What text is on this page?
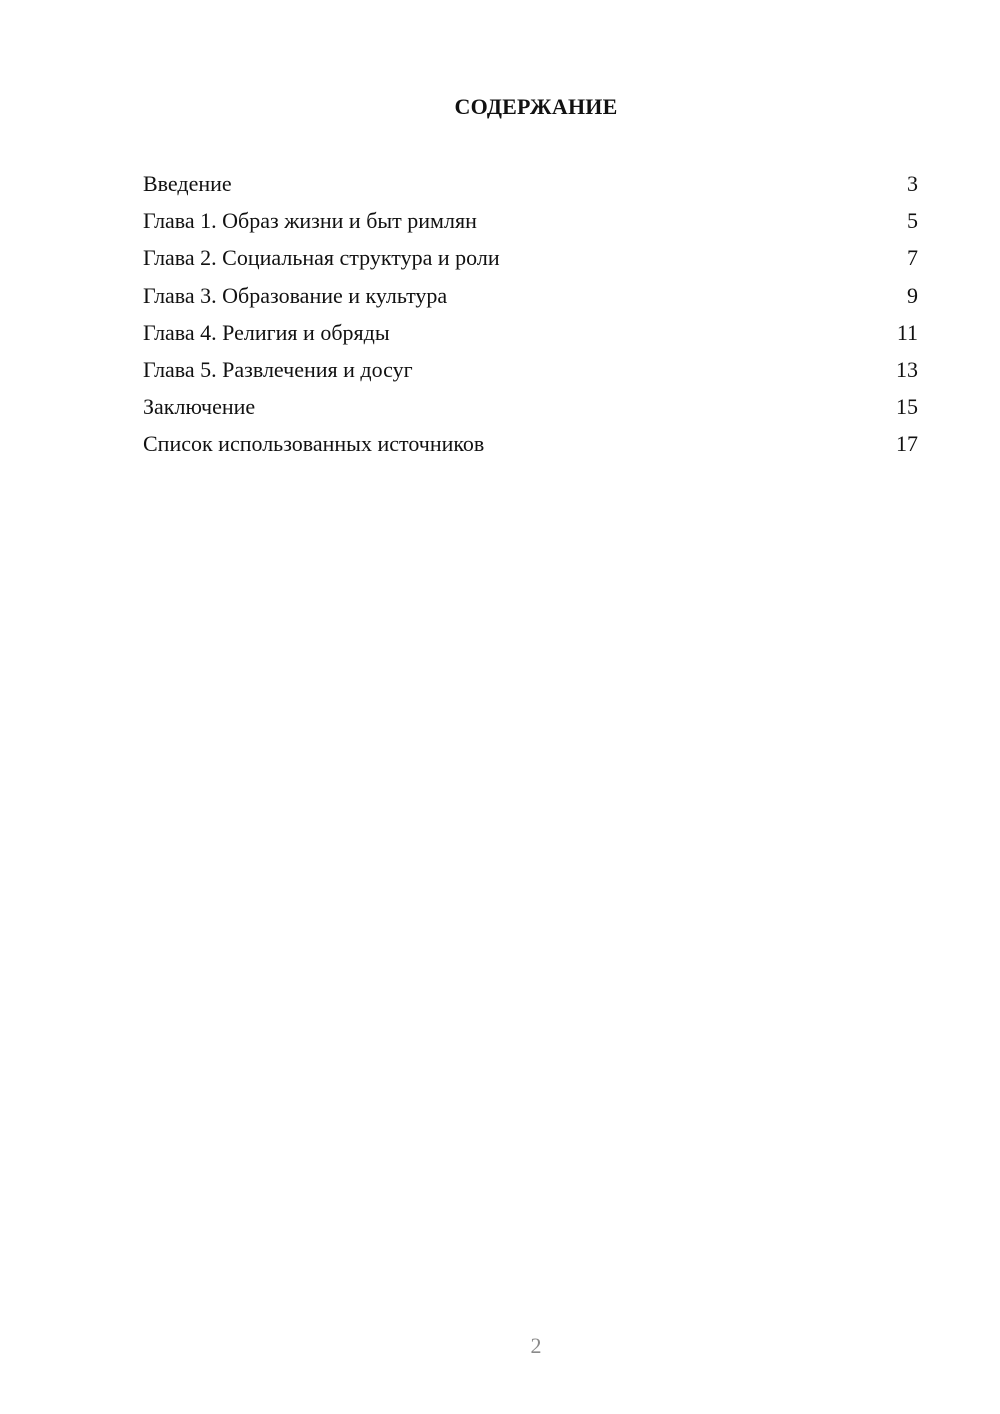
СОДЕРЖАНИЕ
Введение	3
Глава 1. Образ жизни и быт римлян	5
Глава 2. Социальная структура и роли	7
Глава 3. Образование и культура	9
Глава 4. Религия и обряды	11
Глава 5. Развлечения и досуг	13
Заключение	15
Список использованных источников	17
2
